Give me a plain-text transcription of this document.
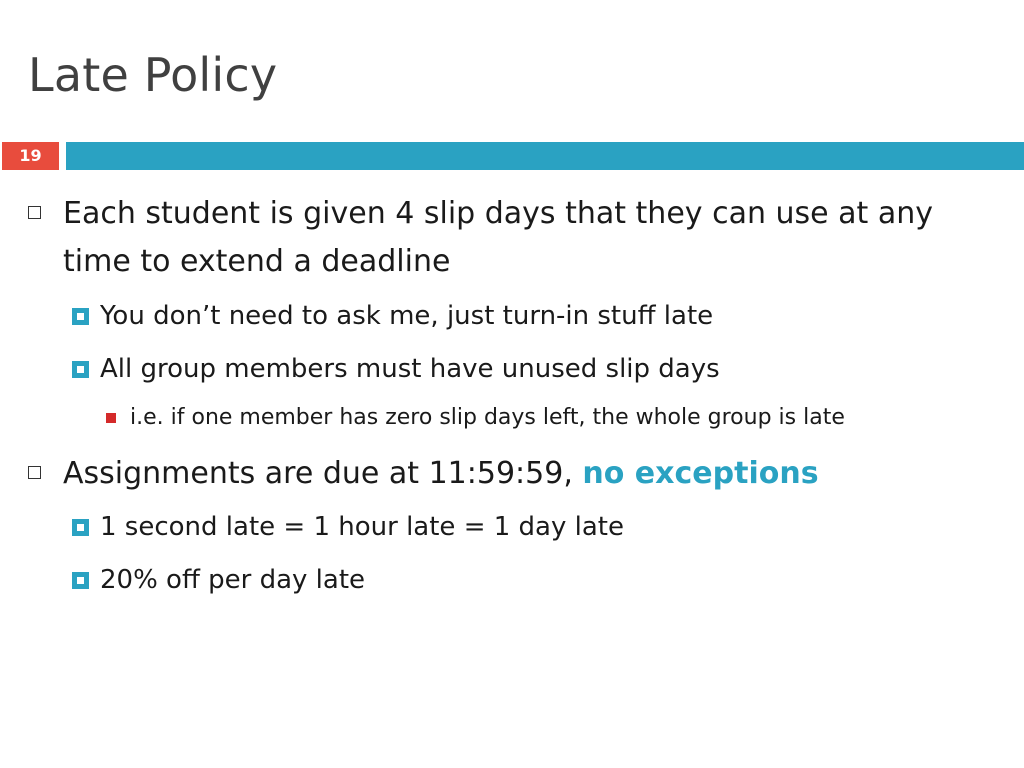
Late Policy
19
Each student is given 4 slip days that they can use at any
time to extend a deadline
You don’t need to ask me, just turn-in stuff late
All group members must have unused slip days
i.e. if one member has zero slip days left, the whole group is late
Assignments are due at 11:59:59, no exceptions
1 second late = 1 hour late = 1 day late
20% off per day late
